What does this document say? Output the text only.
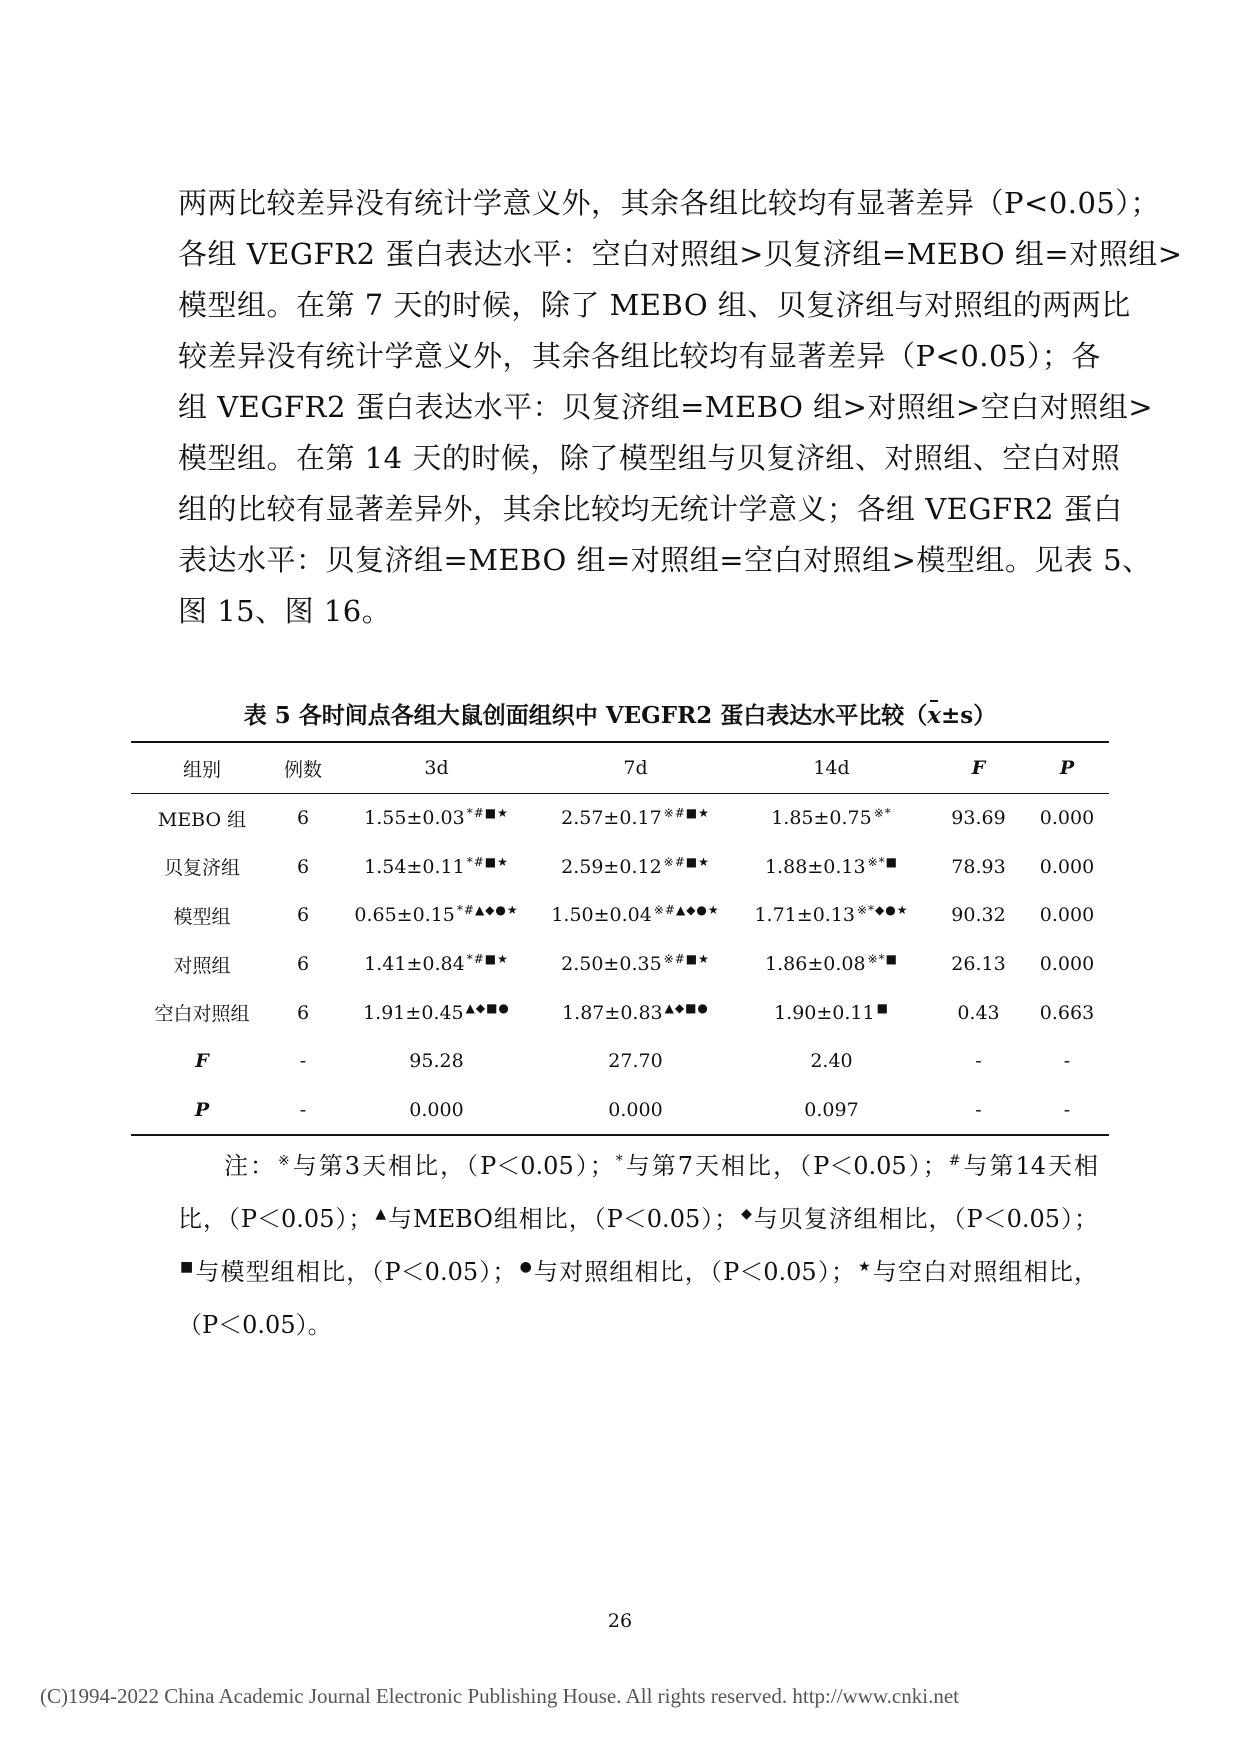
两两比较差异没有统计学意义外，其余各组比较均有显著差异（P<0.05）；
各组 VEGFR2 蛋白表达水平：空白对照组>贝复济组=MEBO 组=对照组>
模型组。在第 7 天的时候，除了 MEBO 组、贝复济组与对照组的两两比
较差异没有统计学意义外，其余各组比较均有显著差异（P<0.05）；各
组 VEGFR2 蛋白表达水平：贝复济组=MEBO 组>对照组>空白对照组>
模型组。在第 14 天的时候，除了模型组与贝复济组、对照组、空白对照
组的比较有显著差异外，其余比较均无统计学意义；各组 VEGFR2 蛋白
表达水平：贝复济组=MEBO 组=对照组=空白对照组>模型组。见表 5、
图 15、图 16。
表 5 各时间点各组大鼠创面组织中 VEGFR2 蛋白表达水平比较（x±s）
组别	例数	3d	7d	14d	F	P
MEBO 组	6	1.55±0.03 *#■★	2.57±0.17 ※#■★	1.85±0.75 ※*	93.69	0.000
贝复济组	6	1.54±0.11 *#■★	2.59±0.12 ※#■★	1.88±0.13 ※*■	78.93	0.000
模型组	6	0.65±0.15 *#▲◆●★	1.50±0.04 ※#▲◆●★	1.71±0.13 ※*◆●★	90.32	0.000
对照组	6	1.41±0.84 *#■★	2.50±0.35 ※#■★	1.86±0.08 ※*■	26.13	0.000
空白对照组	6	1.91±0.45 ▲◆■●	1.87±0.83 ▲◆■●	1.90±0.11 ■	0.43	0.663
F	-	95.28	27.70	2.40	-	-
P	-	0.000	0.000	0.097	-	-
注： ※与第3天相比，（P＜0.05）； *与第7天相比，（P＜0.05）； #与第14天相
比，（P＜0.05）； ▲与MEBO组相比，（P＜0.05）； ◆与贝复济组相比，（P＜0.05）；
■与模型组相比，（P＜0.05）； ●与对照组相比，（P＜0.05）； ★与空白对照组相比，
（P＜0.05）。
26
(C)1994-2022 China Academic Journal Electronic Publishing House. All rights reserved. http://www.cnki.net
